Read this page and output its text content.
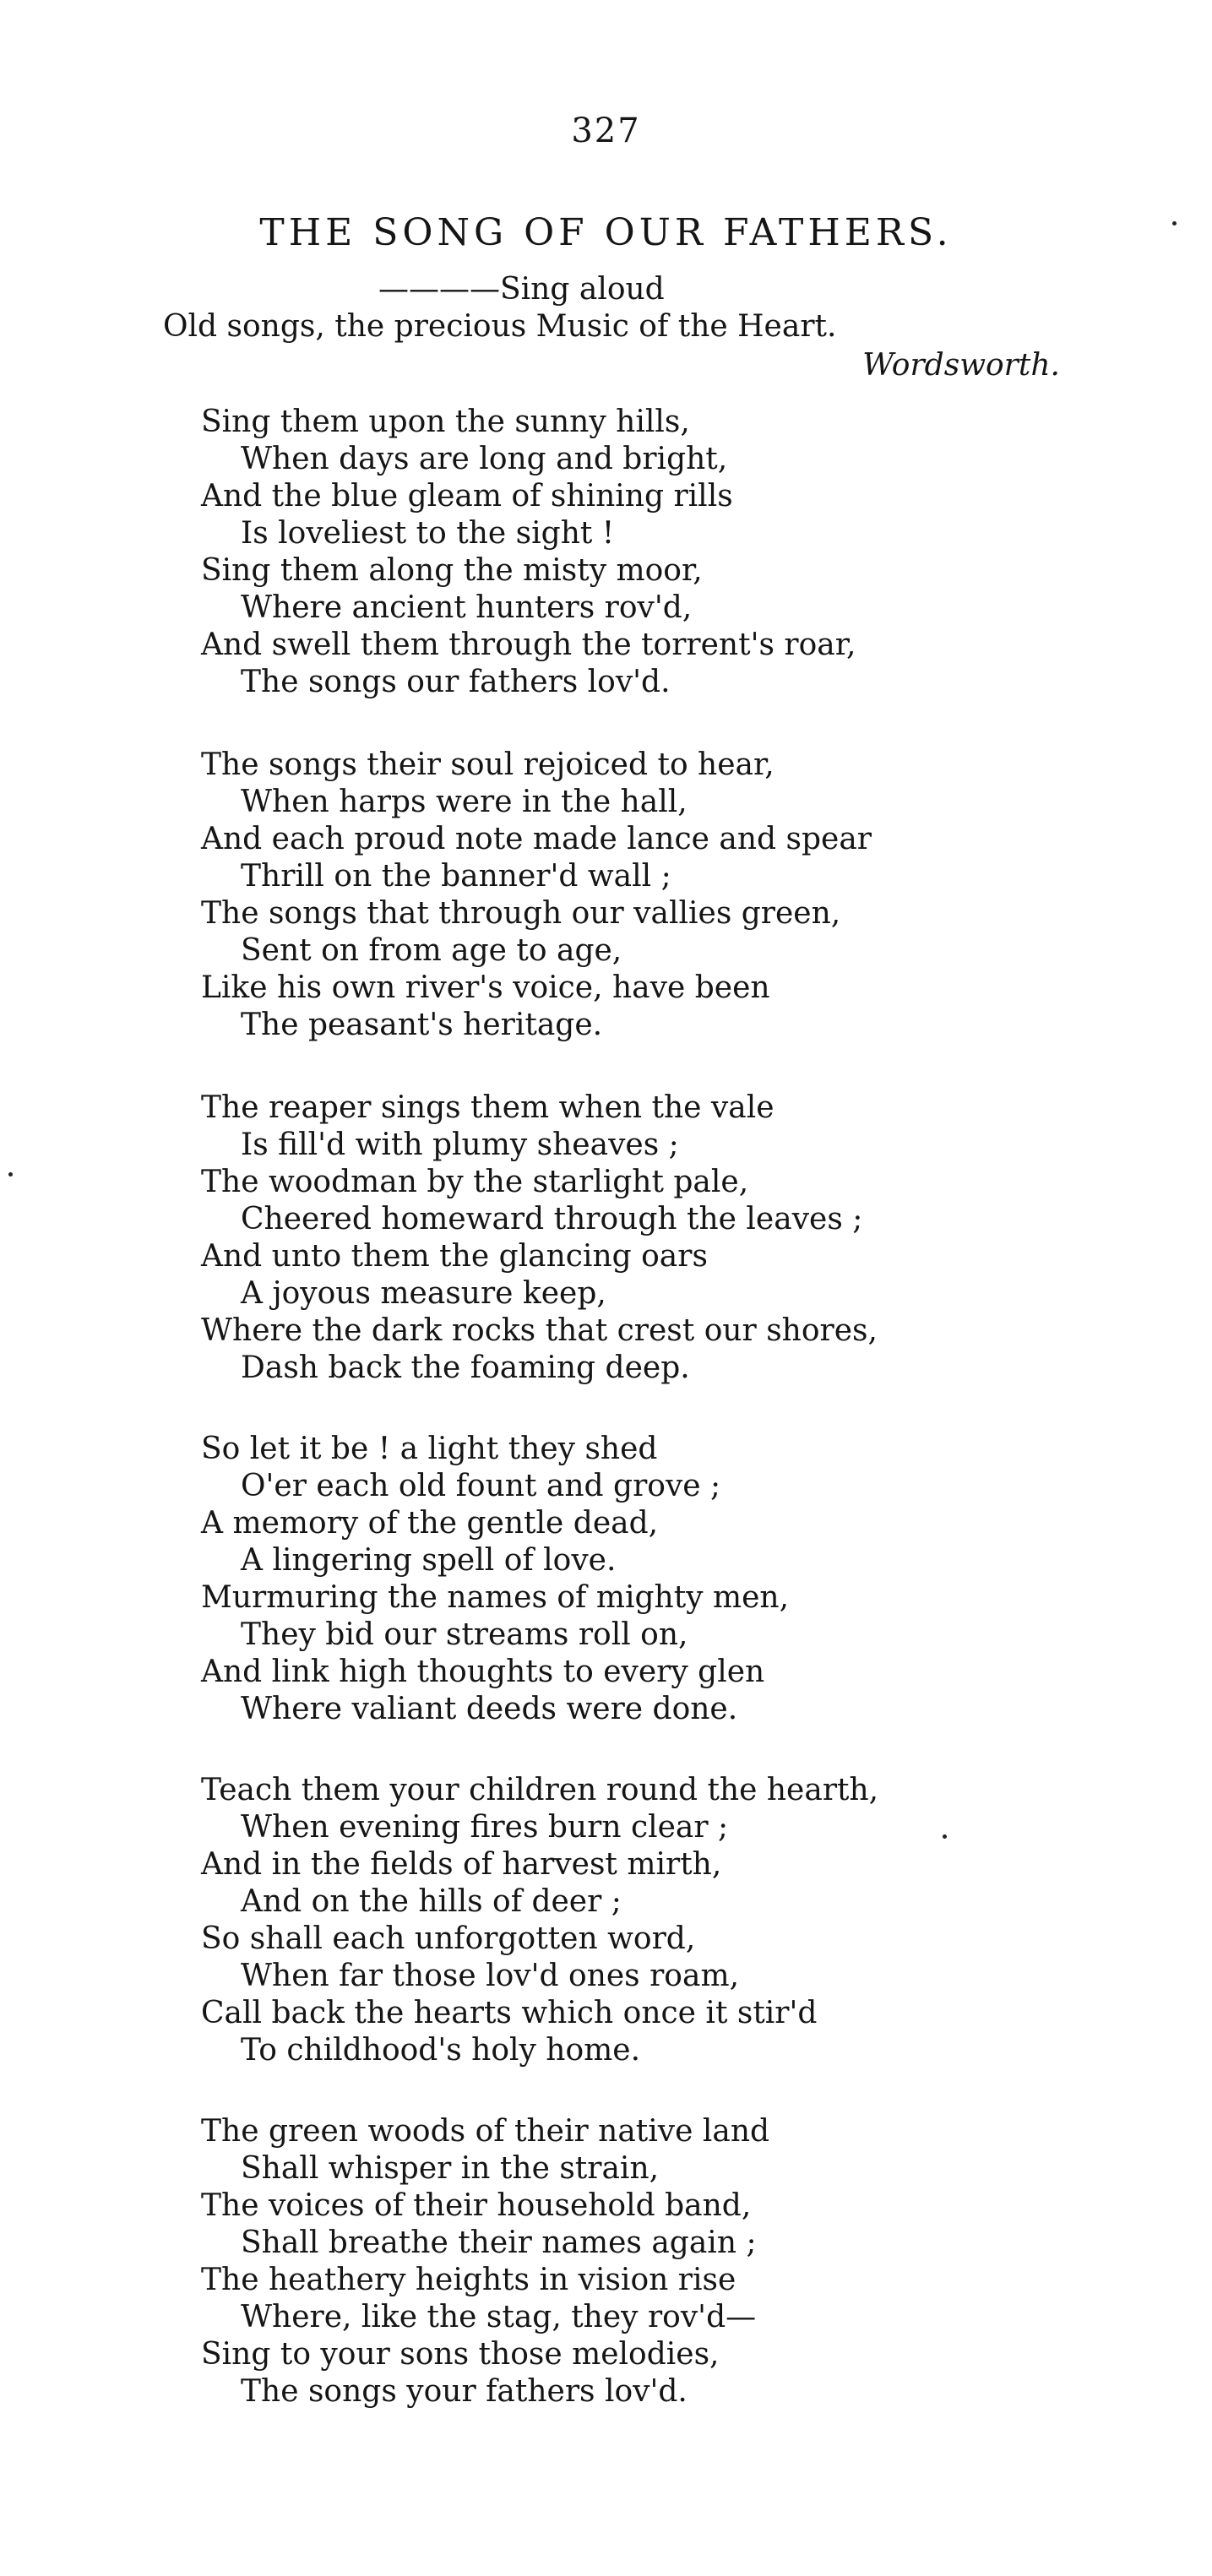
327
THE SONG OF OUR FATHERS.
————Sing aloud
Old songs, the precious Music of the Heart.
Wordsworth.
Sing them upon the sunny hills,
When days are long and bright,
And the blue gleam of shining rills
Is loveliest to the sight !
Sing them along the misty moor,
Where ancient hunters rov'd,
And swell them through the torrent's roar,
The songs our fathers lov'd.
The songs their soul rejoiced to hear,
When harps were in the hall,
And each proud note made lance and spear
Thrill on the banner'd wall ;
The songs that through our vallies green,
Sent on from age to age,
Like his own river's voice, have been
The peasant's heritage.
The reaper sings them when the vale
Is fill'd with plumy sheaves ;
The woodman by the starlight pale,
Cheered homeward through the leaves ;
And unto them the glancing oars
A joyous measure keep,
Where the dark rocks that crest our shores,
Dash back the foaming deep.
So let it be ! a light they shed
O'er each old fount and grove ;
A memory of the gentle dead,
A lingering spell of love.
Murmuring the names of mighty men,
They bid our streams roll on,
And link high thoughts to every glen
Where valiant deeds were done.
Teach them your children round the hearth,
When evening fires burn clear ;
And in the fields of harvest mirth,
And on the hills of deer ;
So shall each unforgotten word,
When far those lov'd ones roam,
Call back the hearts which once it stir'd
To childhood's holy home.
The green woods of their native land
Shall whisper in the strain,
The voices of their household band,
Shall breathe their names again ;
The heathery heights in vision rise
Where, like the stag, they rov'd—
Sing to your sons those melodies,
The songs your fathers lov'd.
